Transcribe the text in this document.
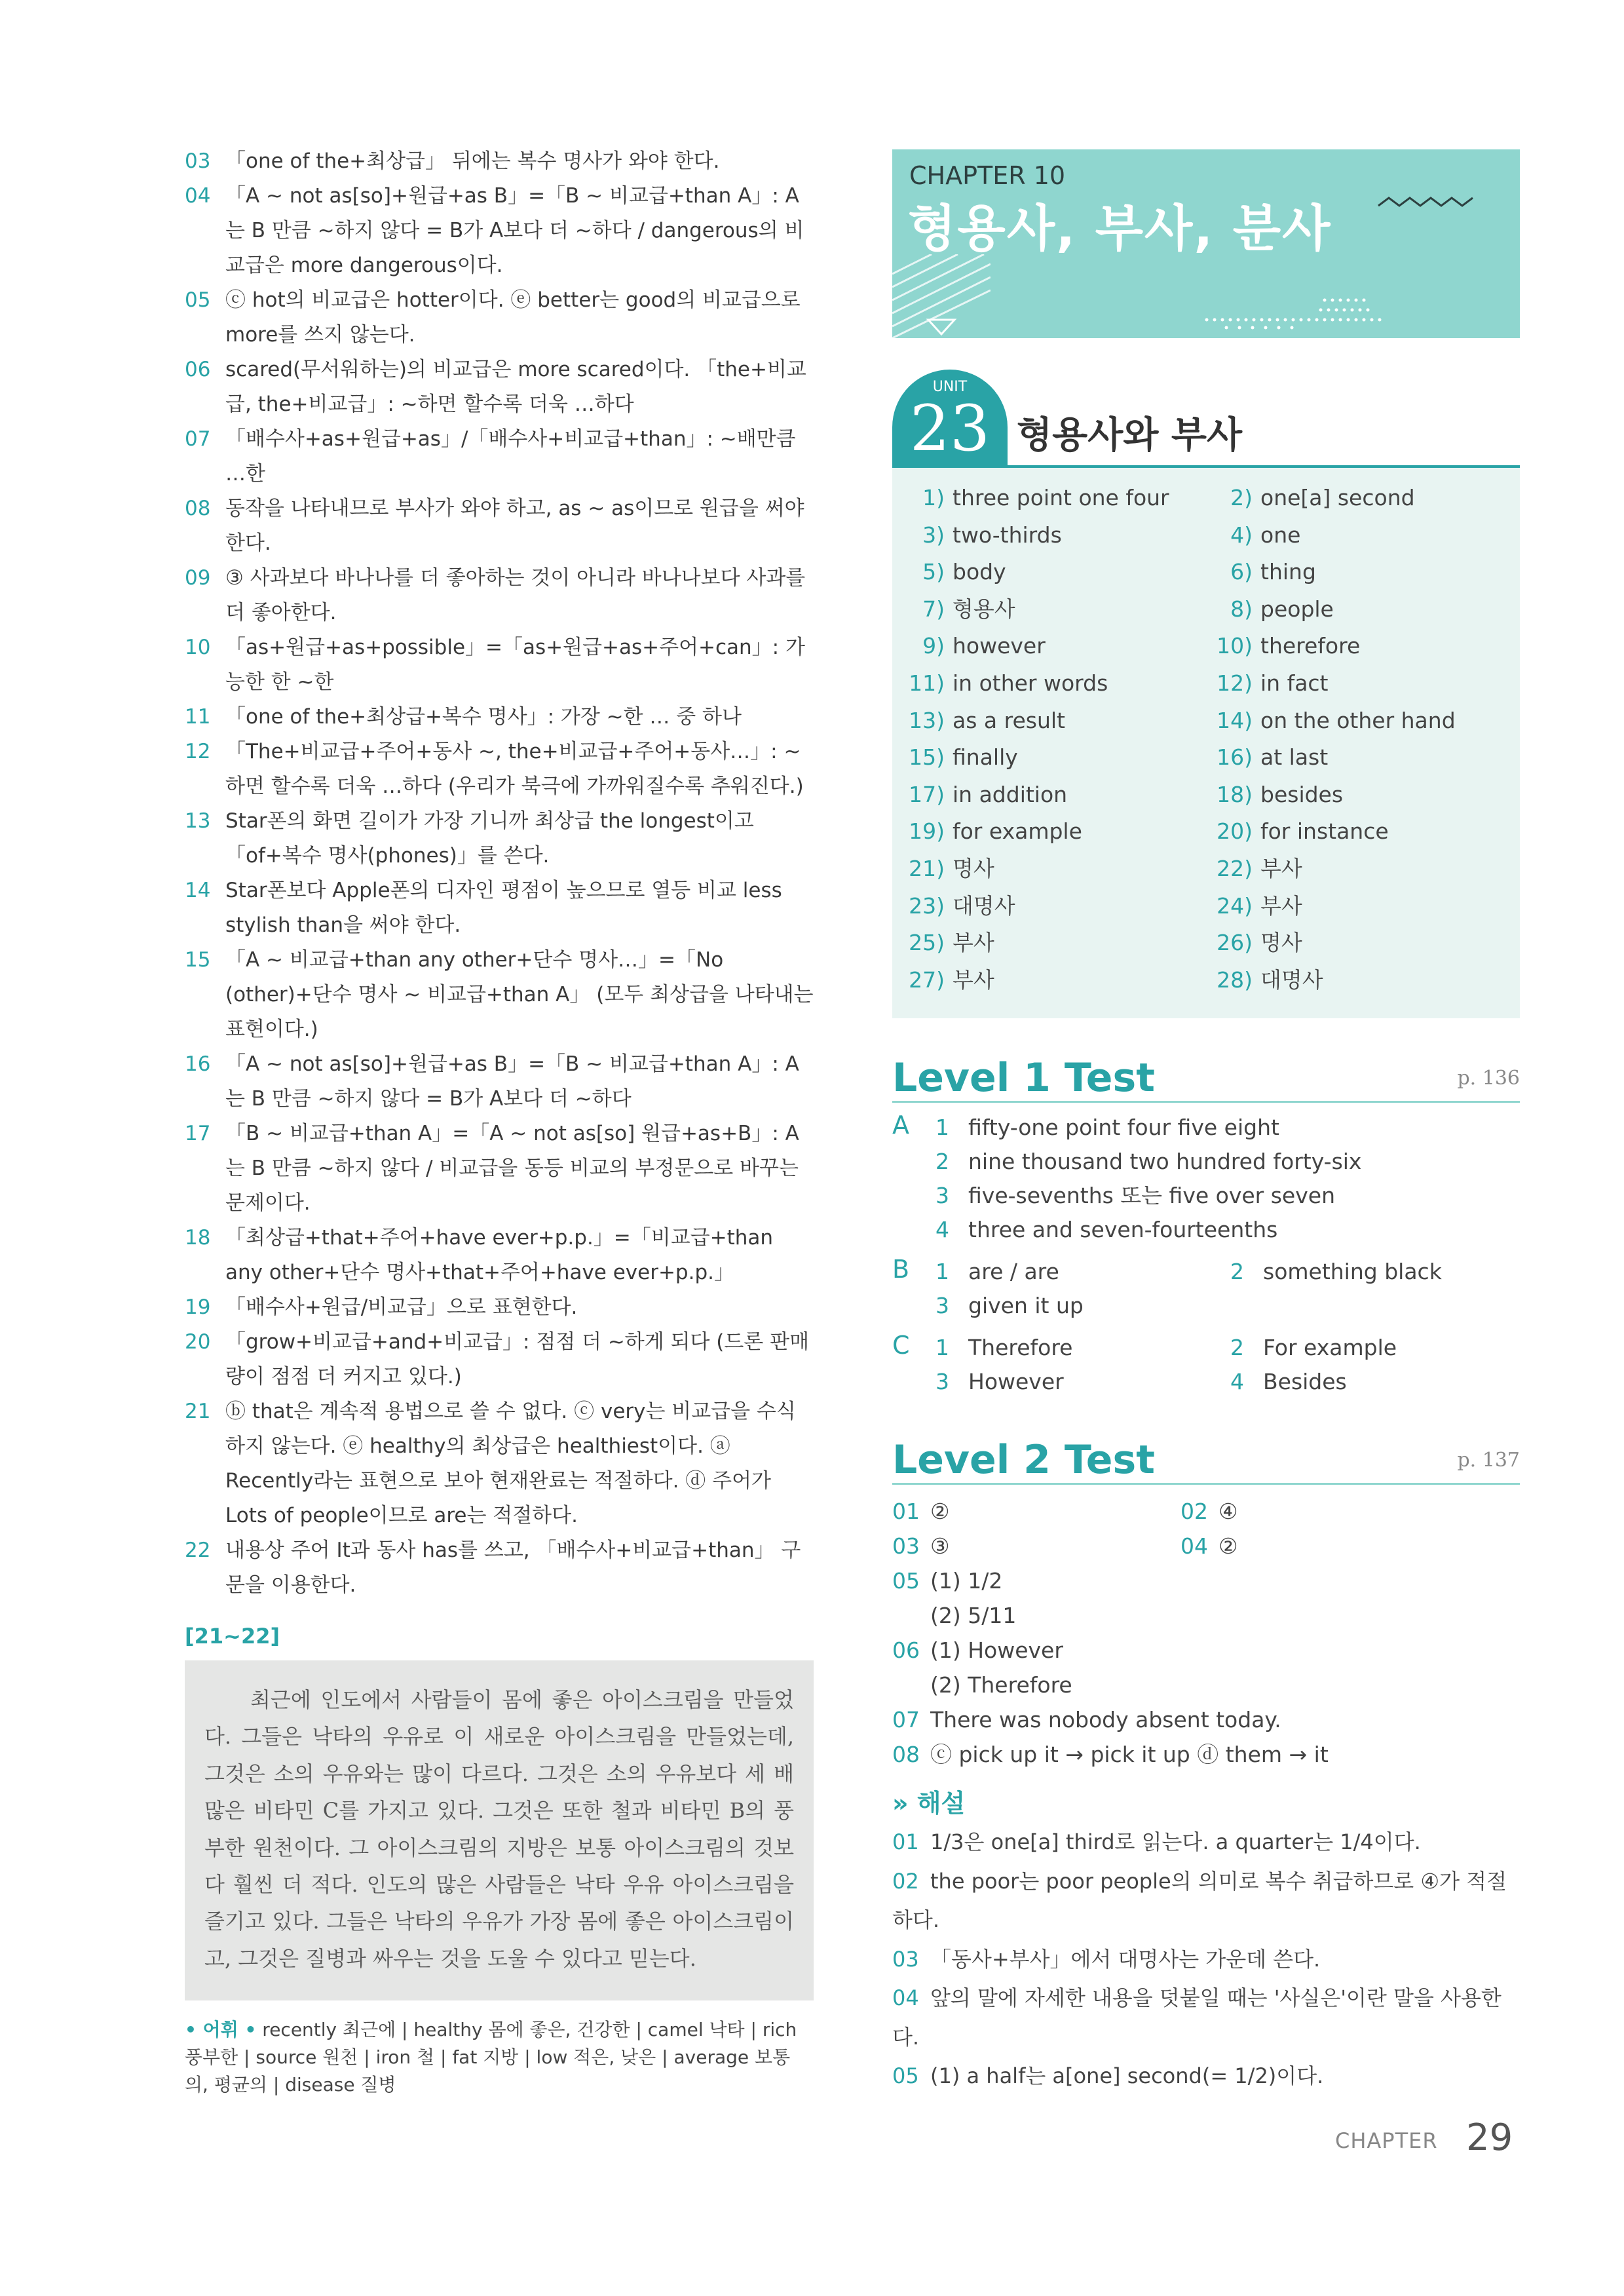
03 「one of the+최상급」 뒤에는 복수 명사가 와야 한다.
04 「A ~ not as[so]+원급+as B」=「B ~ 비교급+than A」: A는 B 만큼 ~하지 않다 = B가 A보다 더 ~하다 / dangerous의 비교급은 more dangerous이다.
05 ⓒ hot의 비교급은 hotter이다. ⓔ better는 good의 비교급으로 more를 쓰지 않는다.
06 scared(무서워하는)의 비교급은 more scared이다. 「the+비교급, the+비교급」: ~하면 할수록 더욱 …하다
07 「배수사+as+원급+as」/「배수사+비교급+than」: ~배만큼 …한
08 동작을 나타내므로 부사가 와야 하고, as ~ as이므로 원급을 써야 한다.
09 ③ 사과보다 바나나를 더 좋아하는 것이 아니라 바나나보다 사과를 더 좋아한다.
10 「as+원급+as+possible」=「as+원급+as+주어+can」: 가능한 한 ~한
11 「one of the+최상급+복수 명사」: 가장 ~한 … 중 하나
12 「The+비교급+주어+동사 ~, the+비교급+주어+동사…」: ~하면 할수록 더욱 …하다 (우리가 북극에 가까워질수록 추워진다.)
13 Star폰의 화면 길이가 가장 기니까 최상급 the longest이고 「of+복수 명사(phones)」를 쓴다.
14 Star폰보다 Apple폰의 디자인 평점이 높으므로 열등 비교 less stylish than을 써야 한다.
15 「A ~ 비교급+than any other+단수 명사…」=「No (other)+단수 명사 ~ 비교급+than A」 (모두 최상급을 나타내는 표현이다.)
16 「A ~ not as[so]+원급+as B」=「B ~ 비교급+than A」: A는 B 만큼 ~하지 않다 = B가 A보다 더 ~하다
17 「B ~ 비교급+than A」=「A ~ not as[so] 원급+as+B」: A는 B 만큼 ~하지 않다 / 비교급을 동등 비교의 부정문으로 바꾸는 문제이다.
18 「최상급+that+주어+have ever+p.p.」=「비교급+than any other+단수 명사+that+주어+have ever+p.p.」
19 「배수사+원급/비교급」으로 표현한다.
20 「grow+비교급+and+비교급」: 점점 더 ~하게 되다 (드론 판매량이 점점 더 커지고 있다.)
21 ⓑ that은 계속적 용법으로 쓸 수 없다. ⓒ very는 비교급을 수식하지 않는다. ⓔ healthy의 최상급은 healthiest이다. ⓐ Recently라는 표현으로 보아 현재완료는 적절하다. ⓓ 주어가 Lots of people이므로 are는 적절하다.
22 내용상 주어 It과 동사 has를 쓰고, 「배수사+비교급+than」 구문을 이용한다.
[21~22]
최근에 인도에서 사람들이 몸에 좋은 아이스크림을 만들었다. 그들은 낙타의 우유로 이 새로운 아이스크림을 만들었는데, 그것은 소의 우유와는 많이 다르다. 그것은 소의 우유보다 세 배 많은 비타민 C를 가지고 있다. 그것은 또한 철과 비타민 B의 풍부한 원천이다. 그 아이스크림의 지방은 보통 아이스크림의 것보다 훨씬 더 적다. 인도의 많은 사람들은 낙타 우유 아이스크림을 즐기고 있다. 그들은 낙타의 우유가 가장 몸에 좋은 아이스크림이고, 그것은 질병과 싸우는 것을 도울 수 있다고 믿는다.
• 어휘 • recently 최근에 | healthy 몸에 좋은, 건강한 | camel 낙타 | rich 풍부한 | source 원천 | iron 철 | fat 지방 | low 적은, 낮은 | average 보통의, 평균의 | disease 질병
CHAPTER 10
형용사, 부사, 분사
UNIT
23 형용사와 부사
1) three point one four	2) one[a] second
3) two-thirds	4) one
5) body	6) thing
7) 형용사	8) people
9) however	10) therefore
11) in other words	12) in fact
13) as a result	14) on the other hand
15) finally	16) at last
17) in addition	18) besides
19) for example	20) for instance
21) 명사	22) 부사
23) 대명사	24) 부사
25) 부사	26) 명사
27) 부사	28) 대명사
Level 1 Test	p. 136
A	1 fifty-one point four five eight
2 nine thousand two hundred forty-six
3 five-sevenths 또는 five over seven
4 three and seven-fourteenths
B	1 are / are	2 something black
3 given it up
C	1 Therefore	2 For example
3 However	4 Besides
Level 2 Test	p. 137
01 ②	02 ④
03 ③	04 ②
05 (1) 1/2
(2) 5/11
06 (1) However
(2) Therefore
07 There was nobody absent today.
08 ⓒ pick up it → pick it up ⓓ them → it
» 해설
01 1/3은 one[a] third로 읽는다. a quarter는 1/4이다.
02 the poor는 poor people의 의미로 복수 취급하므로 ④가 적절하다.
03 「동사+부사」에서 대명사는 가운데 쓴다.
04 앞의 말에 자세한 내용을 덧붙일 때는 '사실은'이란 말을 사용한다.
05 (1) a half는 a[one] second(= 1/2)이다.
CHAPTER 29
